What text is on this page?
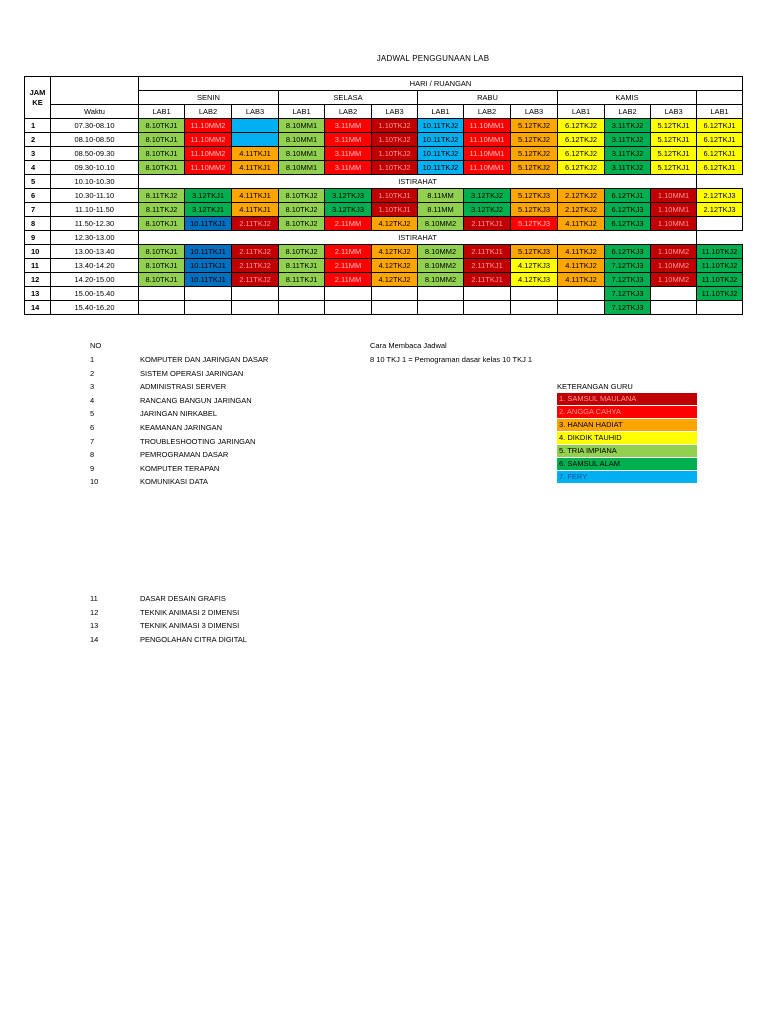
JADWAL PENGGUNAAN LAB
JAM KE		HARI / RUANGAN												
		SENIN			SELASA			RABU			KAMIS			
	Waktu	LAB1	LAB2	LAB3	LAB1	LAB2	LAB3	LAB1	LAB2	LAB3	LAB1	LAB2	LAB3	LAB1
1	07.30-08.10	8.10TKJ1	11.10MM2		8.10MM1	3.11MM	1.10TKJ2	10.11TKJ2	11.10MM1	5.12TKJ2	6.12TKJ2	3.11TKJ2	5.12TKJ1	6.12TKJ1
2	08.10-08.50	8.10TKJ1	11.10MM2		8.10MM1	3.11MM	1.10TKJ2	10.11TKJ2	11.10MM1	5.12TKJ2	6.12TKJ2	3.11TKJ2	5.12TKJ1	6.12TKJ1
3	08.50-09.30	8.10TKJ1	11.10MM2	4.11TKJ1	8.10MM1	3.11MM	1.10TKJ2	10.11TKJ2	11.10MM1	5.12TKJ2	6.12TKJ2	3.11TKJ2	5.12TKJ1	6.12TKJ1
4	09.30-10.10	8.10TKJ1	11.10MM2	4.11TKJ1	8.10MM1	3.11MM	1.10TKJ2	10.11TKJ2	11.10MM1	5.12TKJ2	6.12TKJ2	3.11TKJ2	5.12TKJ1	6.12TKJ1
5	10.10-10.30	ISTIRAHAT												
6	10.30-11.10	8.11TKJ2	3.12TKJ1	4.11TKJ1	8.10TKJ2	3.12TKJ3	1.10TKJ1	8.11MM	3.12TKJ2	5.12TKJ3	2.12TKJ2	6.12TKJ1	1.10MM1	2.12TKJ3
7	11.10-11.50	8.11TKJ2	3.12TKJ1	4.11TKJ1	8.10TKJ2	3.12TKJ3	1.10TKJ1	8.11MM	3.12TKJ2	5.12TKJ3	2.12TKJ2	6.12TKJ3	1.10MM1	2.12TKJ3
8	11.50-12.30	8.10TKJ1	10.11TKJ1	2.11TKJ2	8.10TKJ2	2.11MM	4.12TKJ2	8.10MM2	2.11TKJ1	5.12TKJ3	4.11TKJ2	6.12TKJ3	1.10MM1	
9	12.30-13.00	ISTIRAHAT												
10	13.00-13.40	8.10TKJ1	10.11TKJ1	2.11TKJ2	8.10TKJ2	2.11MM	4.12TKJ2	8.10MM2	2.11TKJ1	5.12TKJ3	4.11TKJ2	6.12TKJ3	1.10MM2	11.10TKJ2
11	13.40-14.20	8.10TKJ1	10.11TKJ1	2.11TKJ2	8.11TKJ1	2.11MM	4.12TKJ2	8.10MM2	2.11TKJ1	4.12TKJ3	4.11TKJ2	7.12TKJ3	1.10MM2	11.10TKJ2
12	14.20-15.00	8.10TKJ1	10.11TKJ1	2.11TKJ2	8.11TKJ1	2.11MM	4.12TKJ2	8.10MM2	2.11TKJ1	4.12TKJ3	4.11TKJ2	7.12TKJ3	1.10MM2	11.10TKJ2
13	15.00-15.40											7.12TKJ3		11.10TKJ2
14	15.40-16.20											7.12TKJ3		
NO
1	KOMPUTER DAN JARINGAN DASAR
2	SISTEM OPERASI JARINGAN
3	ADMINISTRASI SERVER
4	RANCANG BANGUN JARINGAN
5	JARINGAN NIRKABEL
6	KEAMANAN JARINGAN
7	TROUBLESHOOTING JARINGAN
8	PEMROGRAMAN DASAR
9	KOMPUTER TERAPAN
10	KOMUNIKASI DATA
11	DASAR DESAIN GRAFIS
12	TEKNIK ANIMASI 2 DIMENSI
13	TEKNIK ANIMASI 3 DIMENSI
14	PENGOLAHAN CITRA DIGITAL
Cara Membaca Jadwal
8 10 TKJ 1 = Pemograman dasar kelas 10 TKJ 1
KETERANGAN GURU
1. SAMSUL MAULANA
2. ANGGA CAHYA
3. HANAN HADIAT
4. DIKDIK TAUHID
5. TRIA IMPIANA
6. SAMSUL ALAM
7. FERY
